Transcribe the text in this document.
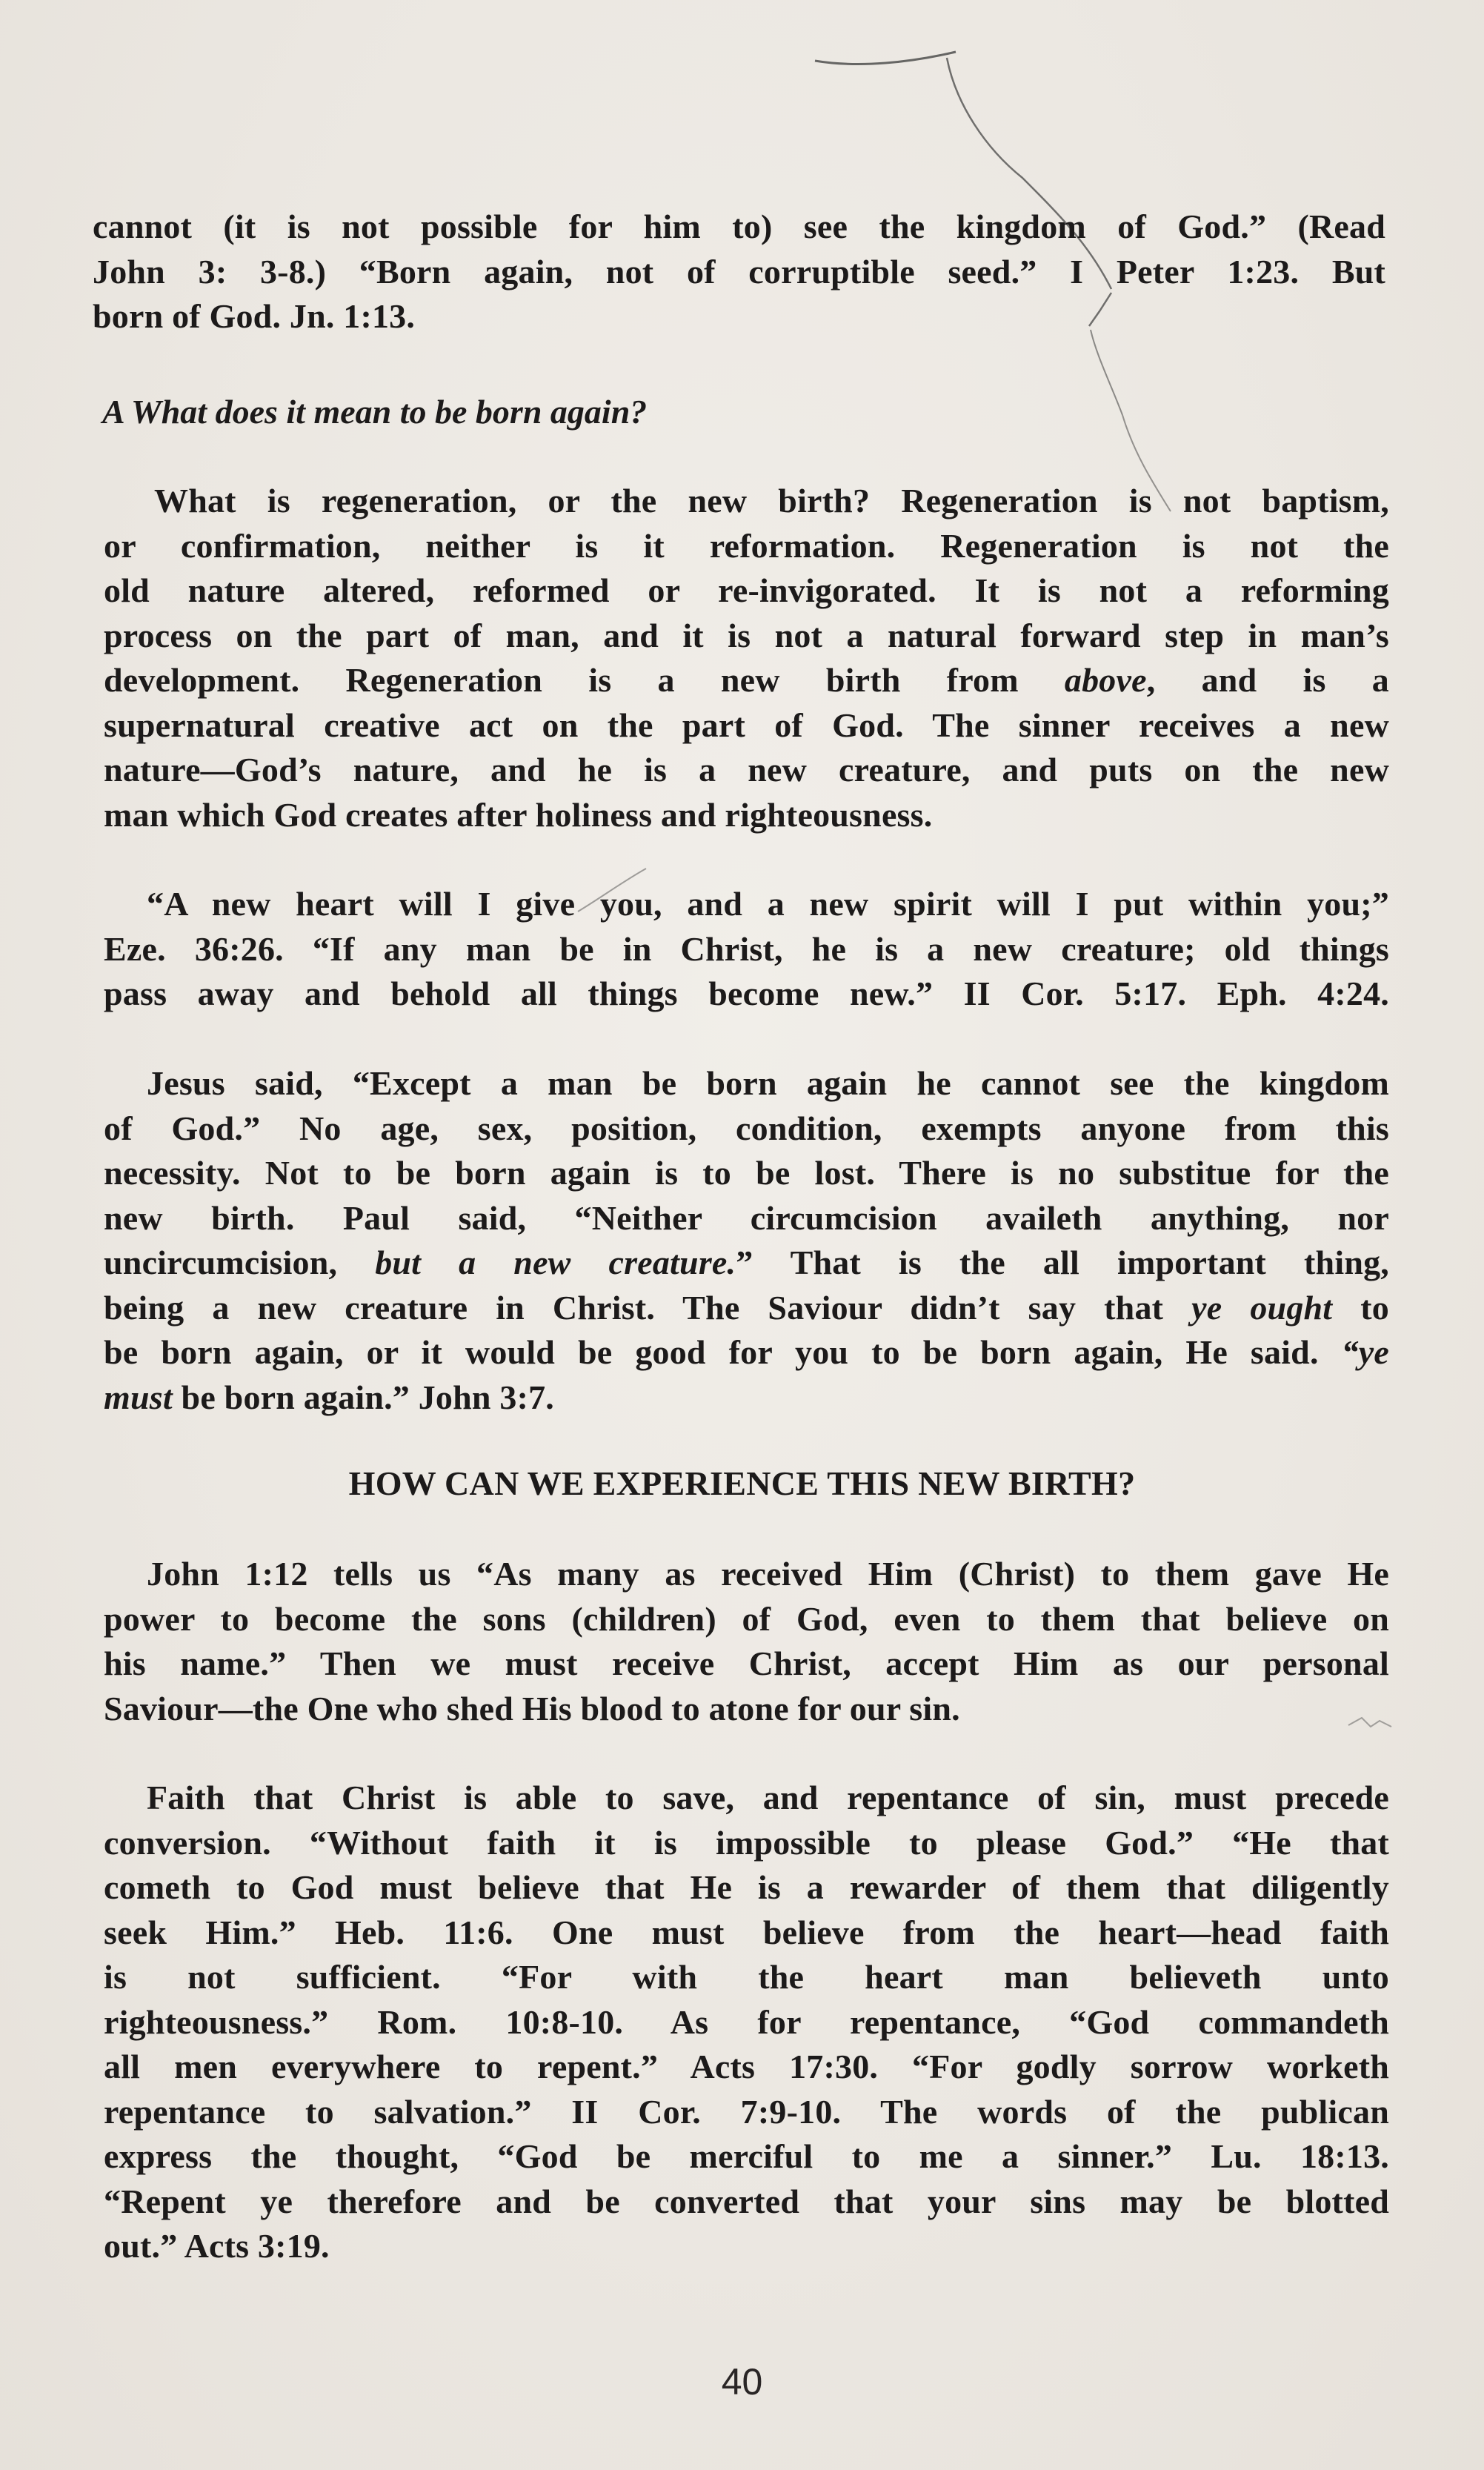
cannot (it is not possible for him to) see the kingdom of God.” (Read

John 3: 3-8.) “Born again, not of corruptible seed.” I Peter 1:23. But

born of God. Jn. 1:13.

A What does it mean to be born again?

What is regeneration, or the new birth? Regeneration is not baptism,

or confirmation, neither is it reformation. Regeneration is not the

old nature altered, reformed or re-invigorated. It is not a reforming

process on the part of man, and it is not a natural forward step in man’s

development. Regeneration is a new birth from above, and is a

supernatural creative act on the part of God. The sinner receives a new

nature—God’s nature, and he is a new creature, and puts on the new

man which God creates after holiness and righteousness.

“A new heart will I give you, and a new spirit will I put within you;”

Eze. 36:26. “If any man be in Christ, he is a new creature; old things

pass away and behold all things become new.” II Cor. 5:17. Eph. 4:24.

Jesus said, “Except a man be born again he cannot see the kingdom

of God.” No age, sex, position, condition, exempts anyone from this

necessity. Not to be born again is to be lost. There is no substitue for the

new birth. Paul said, “Neither circumcision availeth anything, nor

uncircumcision, but a new creature.” That is the all important thing,

being a new creature in Christ. The Saviour didn’t say that ye ought to

be born again, or it would be good for you to be born again, He said. “ye

must be born again.” John 3:7.

HOW CAN WE EXPERIENCE THIS NEW BIRTH?

John 1:12 tells us “As many as received Him (Christ) to them gave He

power to become the sons (children) of God, even to them that believe on

his name.” Then we must receive Christ, accept Him as our personal

Saviour—the One who shed His blood to atone for our sin.

Faith that Christ is able to save, and repentance of sin, must precede

conversion. “Without faith it is impossible to please God.” “He that

cometh to God must believe that He is a rewarder of them that diligently

seek Him.” Heb. 11:6. One must believe from the heart—head faith

is not sufficient. “For with the heart man believeth unto

righteousness.” Rom. 10:8-10. As for repentance, “God commandeth

all men everywhere to repent.” Acts 17:30. “For godly sorrow worketh

repentance to salvation.” II Cor. 7:9-10. The words of the publican

express the thought, “God be merciful to me a sinner.” Lu. 18:13.

“Repent ye therefore and be converted that your sins may be blotted

out.” Acts 3:19.

40
